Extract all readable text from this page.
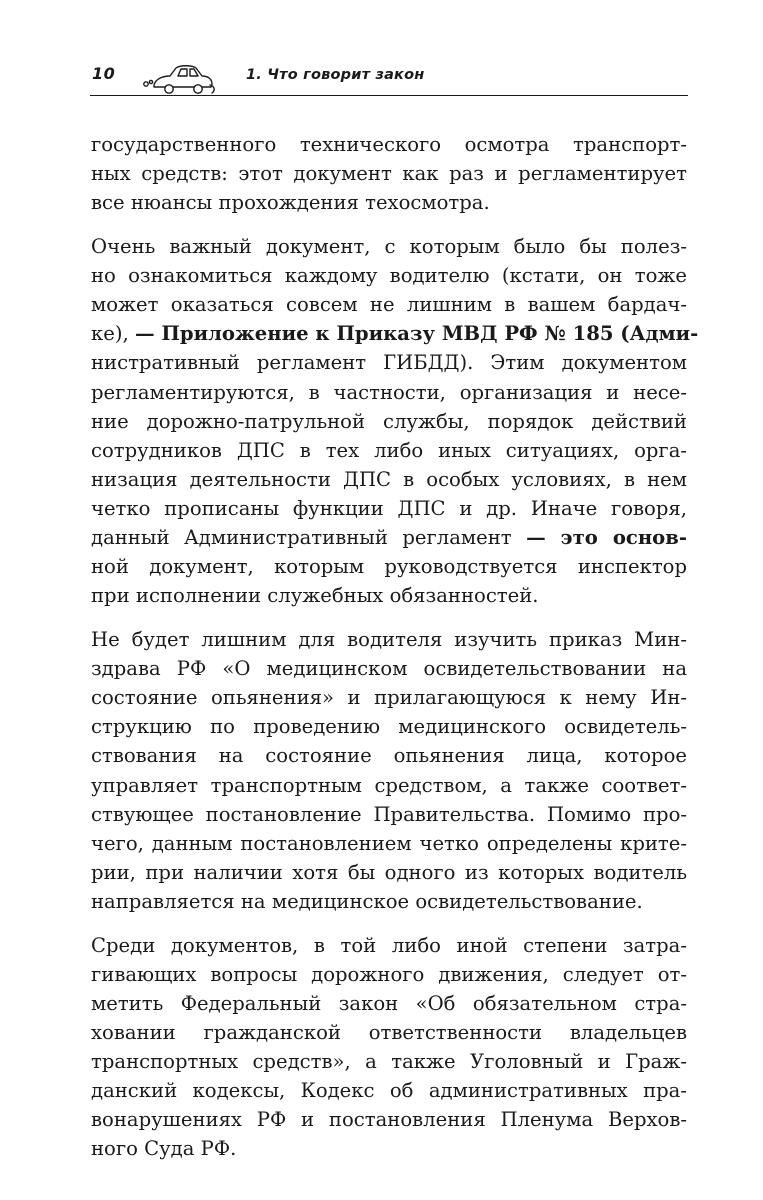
10	1. Что говорит закон
государственного технического осмотра транспорт-
ных средств: этот документ как раз и регламентирует
все нюансы прохождения техосмотра.
Очень важный документ, с которым было бы полез-
но ознакомиться каждому водителю (кстати, он тоже
может оказаться совсем не лишним в вашем бардач-
ке), — Приложение к Приказу МВД РФ № 185 (Адми-
нистративный регламент ГИБДД). Этим документом
регламентируются, в частности, организация и несе-
ние дорожно-патрульной службы, порядок действий
сотрудников ДПС в тех либо иных ситуациях, орга-
низация деятельности ДПС в особых условиях, в нем
четко прописаны функции ДПС и др. Иначе говоря,
данный Административный регламент — это основ-
ной документ, которым руководствуется инспектор
при исполнении служебных обязанностей.
Не будет лишним для водителя изучить приказ Мин-
здрава РФ «О медицинском освидетельствовании на
состояние опьянения» и прилагающуюся к нему Ин-
струкцию по проведению медицинского освидетель-
ствования на состояние опьянения лица, которое
управляет транспортным средством, а также соответ-
ствующее постановление Правительства. Помимо про-
чего, данным постановлением четко определены крите-
рии, при наличии хотя бы одного из которых водитель
направляется на медицинское освидетельствование.
Среди документов, в той либо иной степени затра-
гивающих вопросы дорожного движения, следует от-
метить Федеральный закон «Об обязательном стра-
ховании гражданской ответственности владельцев
транспортных средств», а также Уголовный и Граж-
данский кодексы, Кодекс об административных пра-
вонарушениях РФ и постановления Пленума Верхов-
ного Суда РФ.
